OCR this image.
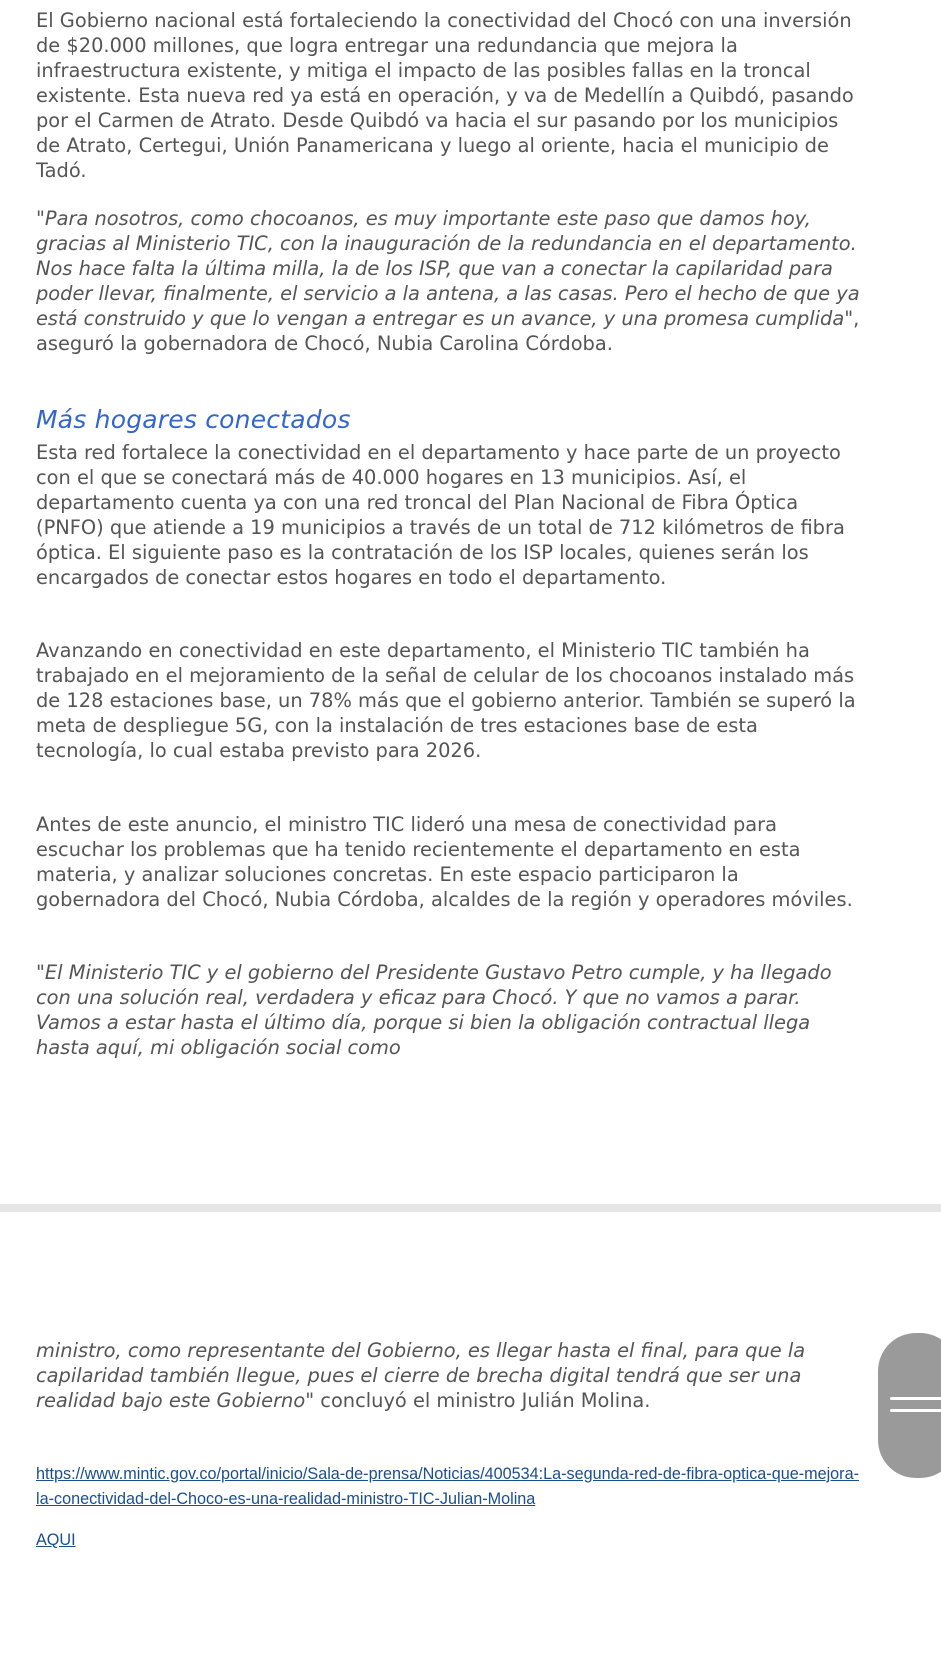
El Gobierno nacional está fortaleciendo la conectividad del Chocó con una inversión de $20.000 millones, que logra entregar una redundancia que mejora la infraestructura existente, y mitiga el impacto de las posibles fallas en la troncal existente. Esta nueva red ya está en operación, y va de Medellín a Quibdó, pasando por el Carmen de Atrato. Desde Quibdó va hacia el sur pasando por los municipios de Atrato, Certegui, Unión Panamericana y luego al oriente, hacia el municipio de Tadó.

"Para nosotros, como chocoanos, es muy importante este paso que damos hoy, gracias al Ministerio TIC, con la inauguración de la redundancia en el departamento. Nos hace falta la última milla, la de los ISP, que van a conectar la capilaridad para poder llevar, finalmente, el servicio a la antena, a las casas. Pero el hecho de que ya está construido y que lo vengan a entregar es un avance, y una promesa cumplida", aseguró la gobernadora de Chocó, Nubia Carolina Córdoba.

Más hogares conectados

Esta red fortalece la conectividad en el departamento y hace parte de un proyecto con el que se conectará más de 40.000 hogares en 13 municipios. Así, el departamento cuenta ya con una red troncal del Plan Nacional de Fibra Óptica (PNFO) que atiende a 19 municipios a través de un total de 712 kilómetros de fibra óptica. El siguiente paso es la contratación de los ISP locales, quienes serán los encargados de conectar estos hogares en todo el departamento.

Avanzando en conectividad en este departamento, el Ministerio TIC también ha trabajado en el mejoramiento de la señal de celular de los chocoanos instalado más de 128 estaciones base, un 78% más que el gobierno anterior. También se superó la meta de despliegue 5G, con la instalación de tres estaciones base de esta tecnología, lo cual estaba previsto para 2026.

Antes de este anuncio, el ministro TIC lideró una mesa de conectividad para escuchar los problemas que ha tenido recientemente el departamento en esta materia, y analizar soluciones concretas. En este espacio participaron la gobernadora del Chocó, Nubia Córdoba, alcaldes de la región y operadores móviles.

"El Ministerio TIC y el gobierno del Presidente Gustavo Petro cumple, y ha llegado con una solución real, verdadera y eficaz para Chocó. Y que no vamos a parar. Vamos a estar hasta el último día, porque si bien la obligación contractual llega hasta aquí, mi obligación social como

ministro, como representante del Gobierno, es llegar hasta el final, para que la capilaridad también llegue, pues el cierre de brecha digital tendrá que ser una realidad bajo este Gobierno" concluyó el ministro Julián Molina.

https://www.mintic.gov.co/portal/inicio/Sala-de-prensa/Noticias/400534:La-segunda-red-de-fibra-optica-que-mejora-la-conectividad-del-Choco-es-una-realidad-ministro-TIC-Julian-Molina

AQUI
